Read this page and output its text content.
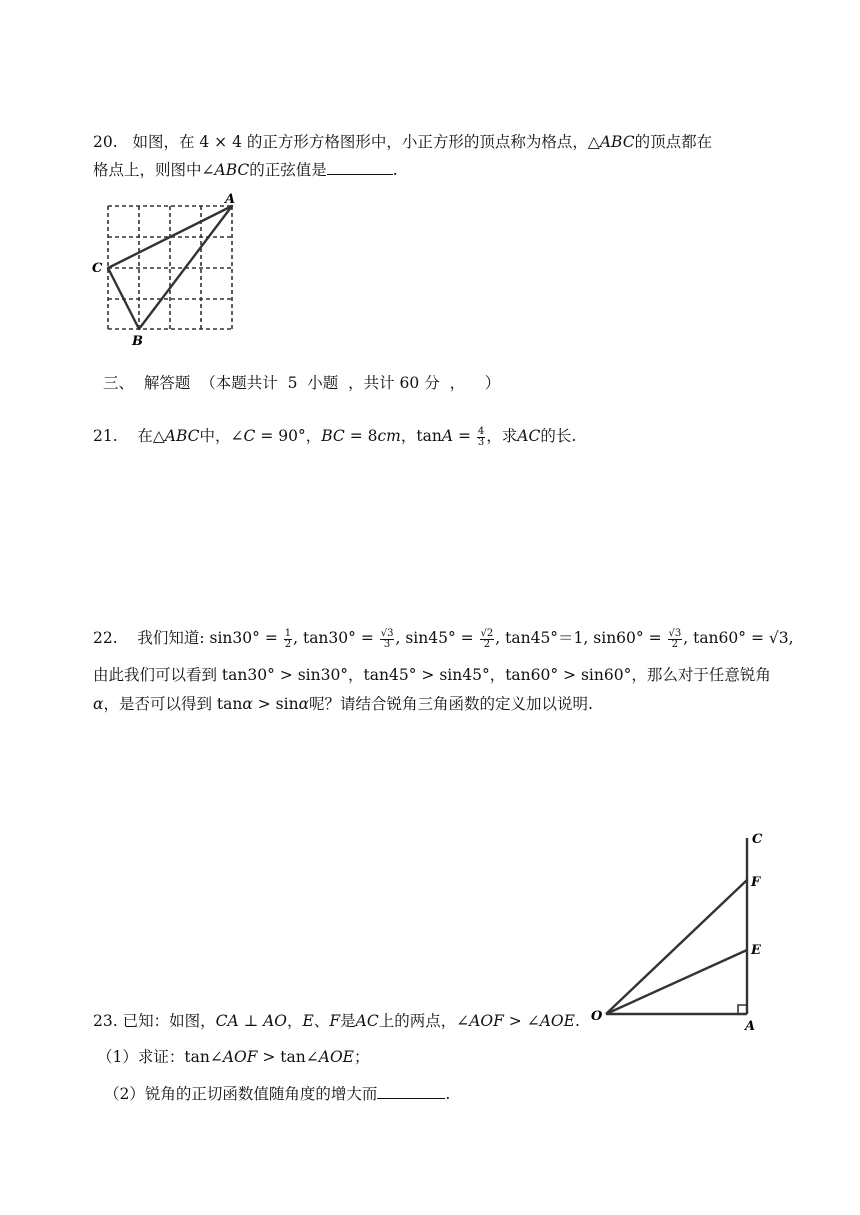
20. 如图，在 4 × 4 的正方形方格图形中，小正方形的顶点称为格点，△ABC的顶点都在
格点上，则图中∠ABC的正弦值是	.
A
C
B
三、  解答题  （本题共计  5  小题  ，共计 60 分  ，    ）
21. 在△ABC中，∠C = 90°，BC = 8cm，$\tan A = \frac{4}{3}$ ，求AC的长.
22. 我们知道: $\sin 30^\circ = \frac{1}{2}$ , $\tan 30^\circ = \frac{√3}{3}$ , $\sin 45^\circ = \frac{√2}{2}$ , tan45°＝1, $\sin 60^\circ = \frac{√3}{2}$ , tan60° = √3,
由此我们可以看到 tan30° > sin30°，tan45° > sin45°，tan60° > sin60°，那么对于任意锐角
α，是否可以得到 tanα > sinα呢？请结合锐角三角函数的定义加以说明.
C
F
E
O
A
23. 已知：如图，CA ⊥ AO，E、F是AC上的两点，∠AOF > ∠AOE.
（1）求证：tan∠AOF > tan∠AOE；
（2）锐角的正切函数值随角度的增大而	.
